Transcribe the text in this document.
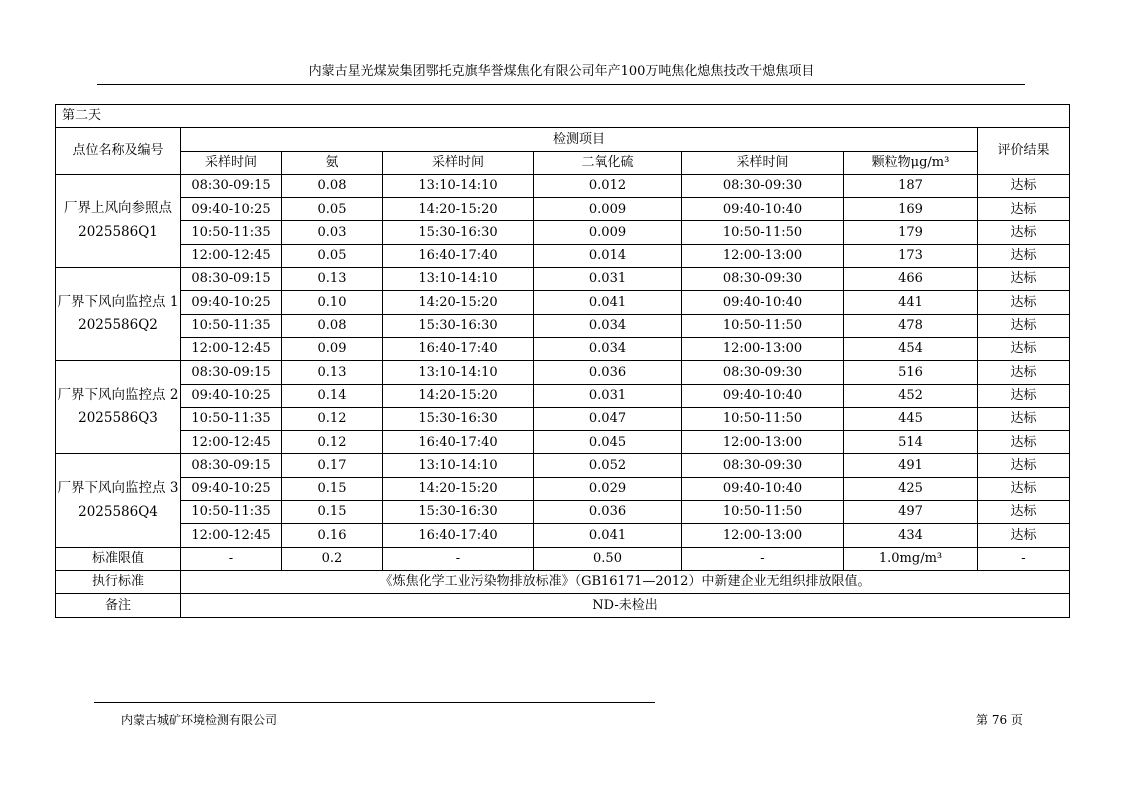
内蒙古星光煤炭集团鄂托克旗华誉煤焦化有限公司年产100万吨焦化熄焦技改干熄焦项目
第二天							
点位名称及编号	检测项目						评价结果
	采样时间	氨	采样时间	二氧化硫	采样时间	颗粒物μg/m³	
厂界上风向参照点 2025586Q1	08:30-09:15	0.08	13:10-14:10	0.012	08:30-09:30	187	达标
	09:40-10:25	0.05	14:20-15:20	0.009	09:40-10:40	169	达标
	10:50-11:35	0.03	15:30-16:30	0.009	10:50-11:50	179	达标
	12:00-12:45	0.05	16:40-17:40	0.014	12:00-13:00	173	达标
厂界下风向监控点 1 2025586Q2	08:30-09:15	0.13	13:10-14:10	0.031	08:30-09:30	466	达标
	09:40-10:25	0.10	14:20-15:20	0.041	09:40-10:40	441	达标
	10:50-11:35	0.08	15:30-16:30	0.034	10:50-11:50	478	达标
	12:00-12:45	0.09	16:40-17:40	0.034	12:00-13:00	454	达标
厂界下风向监控点 2 2025586Q3	08:30-09:15	0.13	13:10-14:10	0.036	08:30-09:30	516	达标
	09:40-10:25	0.14	14:20-15:20	0.031	09:40-10:40	452	达标
	10:50-11:35	0.12	15:30-16:30	0.047	10:50-11:50	445	达标
	12:00-12:45	0.12	16:40-17:40	0.045	12:00-13:00	514	达标
厂界下风向监控点 3 2025586Q4	08:30-09:15	0.17	13:10-14:10	0.052	08:30-09:30	491	达标
	09:40-10:25	0.15	14:20-15:20	0.029	09:40-10:40	425	达标
	10:50-11:35	0.15	15:30-16:30	0.036	10:50-11:50	497	达标
	12:00-12:45	0.16	16:40-17:40	0.041	12:00-13:00	434	达标
标准限值	-	0.2	-	0.50	-	1.0mg/m³	-
执行标准	《炼焦化学工业污染物排放标准》（GB16171—2012）中新建企业无组织排放限值。						
备注	ND-未检出						
内蒙古城矿环境检测有限公司	第 76 页
